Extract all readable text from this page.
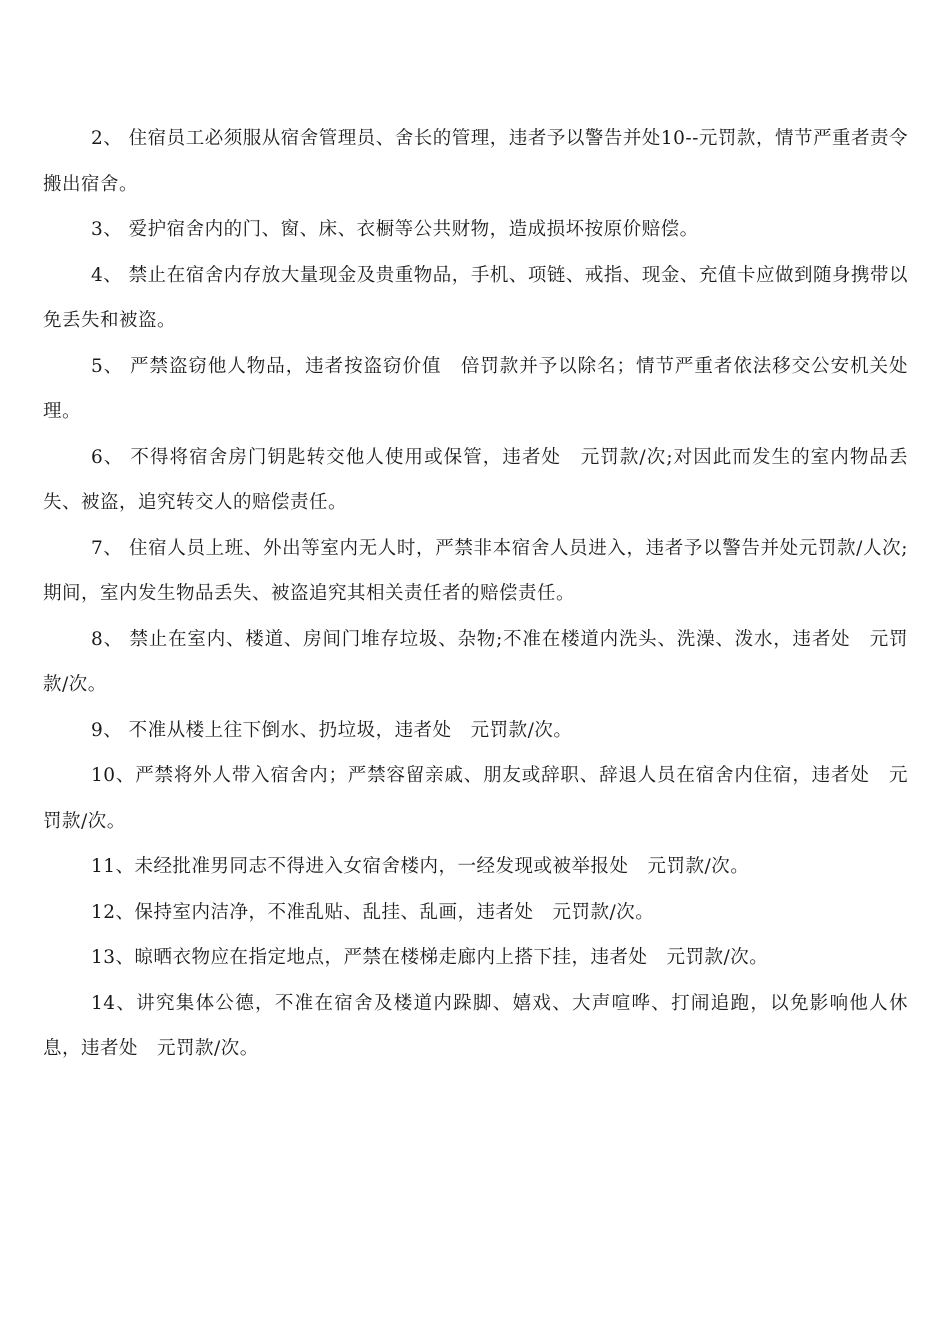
2、 住宿员工必须服从宿舍管理员、舍长的管理，违者予以警告并处10--元罚款，情节严重者责令搬出宿舍。

3、 爱护宿舍内的门、窗、床、衣橱等公共财物，造成损坏按原价赔偿。

4、 禁止在宿舍内存放大量现金及贵重物品，手机、项链、戒指、现金、充值卡应做到随身携带以免丢失和被盗。

5、 严禁盗窃他人物品，违者按盗窃价值　倍罚款并予以除名；情节严重者依法移交公安机关处理。

6、 不得将宿舍房门钥匙转交他人使用或保管，违者处　元罚款/次;对因此而发生的室内物品丢失、被盗，追究转交人的赔偿责任。

7、 住宿人员上班、外出等室内无人时，严禁非本宿舍人员进入，违者予以警告并处元罚款/人次;期间，室内发生物品丢失、被盗追究其相关责任者的赔偿责任。

8、 禁止在室内、楼道、房间门堆存垃圾、杂物;不准在楼道内洗头、洗澡、泼水，违者处　元罚款/次。

9、 不准从楼上往下倒水、扔垃圾，违者处　元罚款/次。

10、严禁将外人带入宿舍内；严禁容留亲戚、朋友或辞职、辞退人员在宿舍内住宿，违者处　元罚款/次。

11、未经批准男同志不得进入女宿舍楼内，一经发现或被举报处　元罚款/次。

12、保持室内洁净，不准乱贴、乱挂、乱画，违者处　元罚款/次。

13、晾晒衣物应在指定地点，严禁在楼梯走廊内上搭下挂，违者处　元罚款/次。

14、讲究集体公德，不准在宿舍及楼道内跺脚、嬉戏、大声喧哗、打闹追跑，以免影响他人休息，违者处　元罚款/次。
